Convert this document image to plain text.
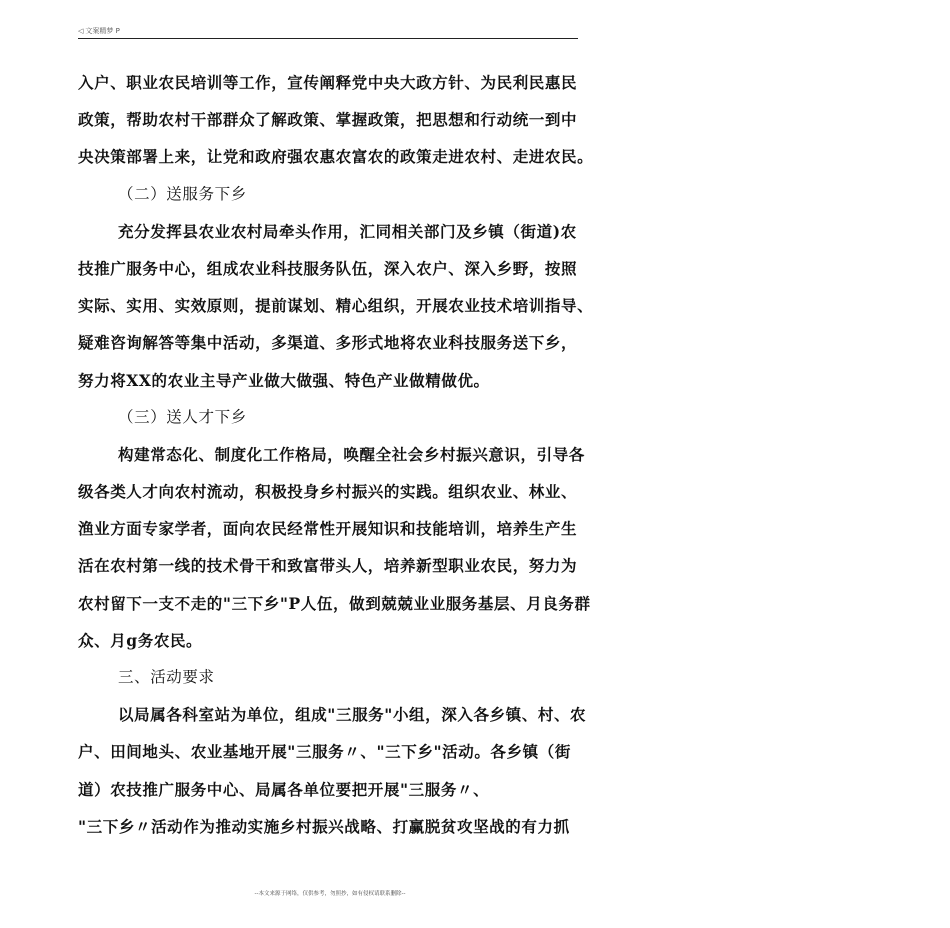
◁ 文案精梦 P
入户、职业农民培训等工作，宣传阐释党中央大政方针、为民利民惠民
政策，帮助农村干部群众了解政策、掌握政策，把思想和行动统一到中
央决策部署上来，让党和政府强农惠农富农的政策走进农村、走进农民。
（二）送服务下乡
充分发挥县农业农村局牵头作用，汇同相关部门及乡镇（街道)农
技推广服务中心，组成农业科技服务队伍，深入农户、深入乡野，按照
实际、实用、实效原则，提前谋划、精心组织，开展农业技术培训指导、
疑难咨询解答等集中活动，多渠道、多形式地将农业科技服务送下乡，
努力将XX的农业主导产业做大做强、特色产业做精做优。
（三）送人才下乡
构建常态化、制度化工作格局，唤醒全社会乡村振兴意识，引导各
级各类人才向农村流动，积极投身乡村振兴的实践。组织农业、林业、
渔业方面专家学者，面向农民经常性开展知识和技能培训，培养生产生
活在农村第一线的技术骨干和致富带头人，培养新型职业农民，努力为
农村留下一支不走的"三下乡"P人伍，做到兢兢业业服务基层、月良务群
众、月g务农民。
三、活动要求
以局属各科室站为单位，组成"三服务"小组，深入各乡镇、村、农
户、田间地头、农业基地开展"三服务〃、"三下乡"活动。各乡镇（街
道）农技推广服务中心、局属各单位要把开展"三服务〃、
"三下乡〃活动作为推动实施乡村振兴战略、打赢脱贫攻坚战的有力抓
--本文来源于网络，仅供参考，勿照抄，如有侵权请联系删除--
